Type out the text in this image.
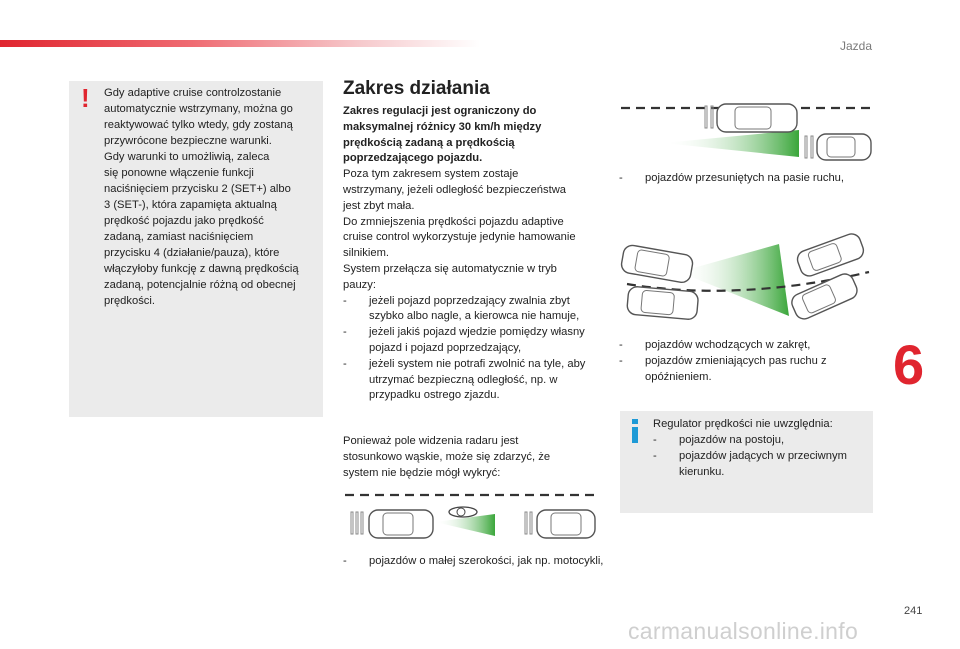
Jazda
! Gdy adaptive cruise controlzostanie
automatycznie wstrzymany, można go
reaktywować tylko wtedy, gdy zostaną
przywrócone bezpieczne warunki.
Gdy warunki to umożliwią, zaleca
się ponowne włączenie funkcji
naciśnięciem przycisku 2 (SET+) albo
3 (SET-), która zapamięta aktualną
prędkość pojazdu jako prędkość
zadaną, zamiast naciśnięciem
przycisku 4 (działanie/pauza), które
włączyłoby funkcję z dawną prędkością
zadaną, potencjalnie różną od obecnej
prędkości.
Zakres działania
Zakres regulacji jest ograniczony do
maksymalnej różnicy 30 km/h między
prędkością zadaną a prędkością
poprzedzającego pojazdu.
Poza tym zakresem system zostaje
wstrzymany, jeżeli odległość bezpieczeństwa
jest zbyt mała.
Do zmniejszenia prędkości pojazdu adaptive
cruise control wykorzystuje jedynie hamowanie
silnikiem.
System przełącza się automatycznie w tryb
pauzy:
- jeżeli pojazd poprzedzający zwalnia zbyt szybko albo nagle, a kierowca nie hamuje,
- jeżeli jakiś pojazd wjedzie pomiędzy własny pojazd i pojazd poprzedzający,
- jeżeli system nie potrafi zwolnić na tyle, aby utrzymać bezpieczną odległość, np. w przypadku ostrego zjazdu.
Ponieważ pole widzenia radaru jest
stosunkowo wąskie, może się zdarzyć, że
system nie będzie mógł wykryć:
- pojazdów o małej szerokości, jak np. motocykli,
- pojazdów przesuniętych na pasie ruchu,
- pojazdów wchodzących w zakręt,
- pojazdów zmieniających pas ruchu z opóźnieniem.
Regulator prędkości nie uwzględnia:
- pojazdów na postoju,
- pojazdów jadących w przeciwnym kierunku.
6
241
carmanualsonline.info
